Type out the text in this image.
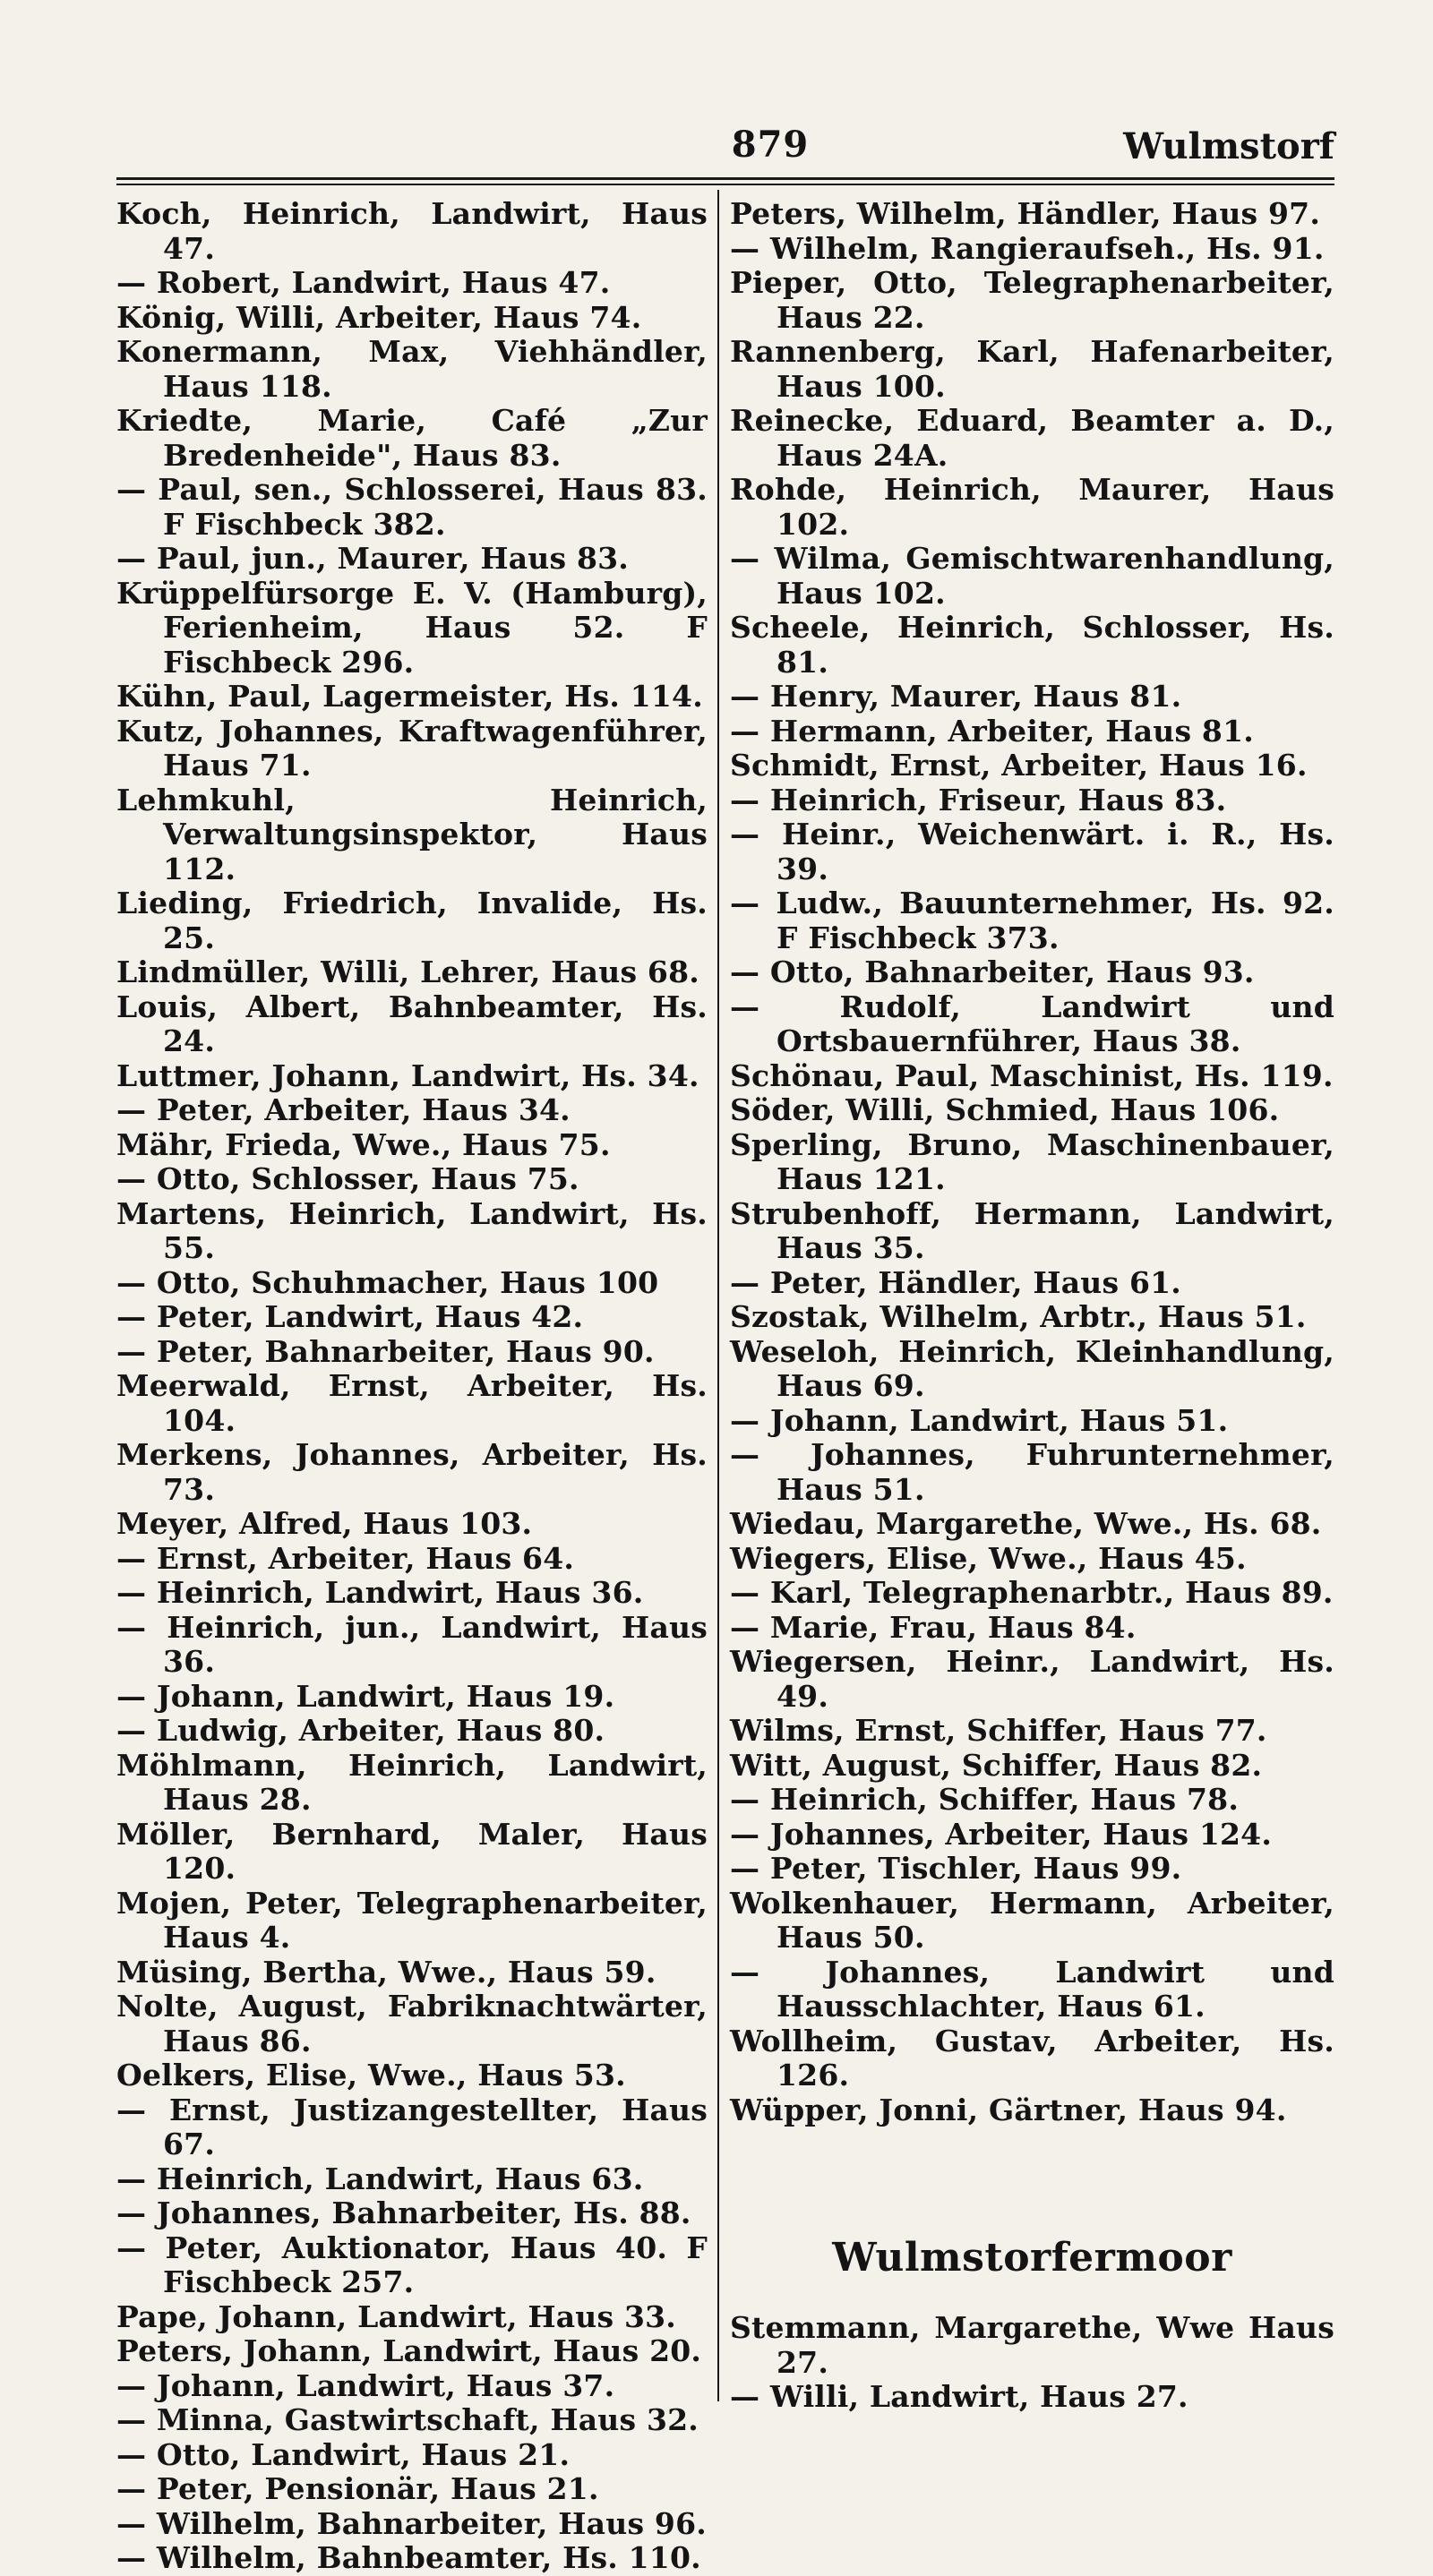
879	Wulmstorf
Koch, Heinrich, Landwirt, Haus 47.
— Robert, Landwirt, Haus 47.
König, Willi, Arbeiter, Haus 74.
Konermann, Max, Viehhändler, Haus 118.
Kriedte, Marie, Café „Zur Bredenheide", Haus 83.
— Paul, sen., Schlosserei, Haus 83. F Fischbeck 382.
— Paul, jun., Maurer, Haus 83.
Krüppelfürsorge E. V. (Hamburg), Ferienheim, Haus 52. F Fischbeck 296.
Kühn, Paul, Lagermeister, Hs. 114.
Kutz, Johannes, Kraftwagenführer, Haus 71.
Lehmkuhl, Heinrich, Verwaltungsinspektor, Haus 112.
Lieding, Friedrich, Invalide, Hs. 25.
Lindmüller, Willi, Lehrer, Haus 68.
Louis, Albert, Bahnbeamter, Hs. 24.
Luttmer, Johann, Landwirt, Hs. 34.
— Peter, Arbeiter, Haus 34.
Mähr, Frieda, Wwe., Haus 75.
— Otto, Schlosser, Haus 75.
Martens, Heinrich, Landwirt, Hs. 55.
— Otto, Schuhmacher, Haus 100
— Peter, Landwirt, Haus 42.
— Peter, Bahnarbeiter, Haus 90.
Meerwald, Ernst, Arbeiter, Hs. 104.
Merkens, Johannes, Arbeiter, Hs. 73.
Meyer, Alfred, Haus 103.
— Ernst, Arbeiter, Haus 64.
— Heinrich, Landwirt, Haus 36.
— Heinrich, jun., Landwirt, Haus 36.
— Johann, Landwirt, Haus 19.
— Ludwig, Arbeiter, Haus 80.
Möhlmann, Heinrich, Landwirt, Haus 28.
Möller, Bernhard, Maler, Haus 120.
Mojen, Peter, Telegraphenarbeiter, Haus 4.
Müsing, Bertha, Wwe., Haus 59.
Nolte, August, Fabriknachtwärter, Haus 86.
Oelkers, Elise, Wwe., Haus 53.
— Ernst, Justizangestellter, Haus 67.
— Heinrich, Landwirt, Haus 63.
— Johannes, Bahnarbeiter, Hs. 88.
— Peter, Auktionator, Haus 40. F Fischbeck 257.
Pape, Johann, Landwirt, Haus 33.
Peters, Johann, Landwirt, Haus 20.
— Johann, Landwirt, Haus 37.
— Minna, Gastwirtschaft, Haus 32.
— Otto, Landwirt, Haus 21.
— Peter, Pensionär, Haus 21.
— Wilhelm, Bahnarbeiter, Haus 96.
— Wilhelm, Bahnbeamter, Hs. 110.
Peters, Wilhelm, Händler, Haus 97.
— Wilhelm, Rangieraufseh., Hs. 91.
Pieper, Otto, Telegraphenarbeiter, Haus 22.
Rannenberg, Karl, Hafenarbeiter, Haus 100.
Reinecke, Eduard, Beamter a. D., Haus 24A.
Rohde, Heinrich, Maurer, Haus 102.
— Wilma, Gemischtwarenhandlung, Haus 102.
Scheele, Heinrich, Schlosser, Hs. 81.
— Henry, Maurer, Haus 81.
— Hermann, Arbeiter, Haus 81.
Schmidt, Ernst, Arbeiter, Haus 16.
— Heinrich, Friseur, Haus 83.
— Heinr., Weichenwärt. i. R., Hs. 39.
— Ludw., Bauunternehmer, Hs. 92. F Fischbeck 373.
— Otto, Bahnarbeiter, Haus 93.
— Rudolf, Landwirt und Ortsbauernführer, Haus 38.
Schönau, Paul, Maschinist, Hs. 119.
Söder, Willi, Schmied, Haus 106.
Sperling, Bruno, Maschinenbauer, Haus 121.
Strubenhoff, Hermann, Landwirt, Haus 35.
— Peter, Händler, Haus 61.
Szostak, Wilhelm, Arbtr., Haus 51.
Weseloh, Heinrich, Kleinhandlung, Haus 69.
— Johann, Landwirt, Haus 51.
— Johannes, Fuhrunternehmer, Haus 51.
Wiedau, Margarethe, Wwe., Hs. 68.
Wiegers, Elise, Wwe., Haus 45.
— Karl, Telegraphenarbtr., Haus 89.
— Marie, Frau, Haus 84.
Wiegersen, Heinr., Landwirt, Hs. 49.
Wilms, Ernst, Schiffer, Haus 77.
Witt, August, Schiffer, Haus 82.
— Heinrich, Schiffer, Haus 78.
— Johannes, Arbeiter, Haus 124.
— Peter, Tischler, Haus 99.
Wolkenhauer, Hermann, Arbeiter, Haus 50.
— Johannes, Landwirt und Hausschlachter, Haus 61.
Wollheim, Gustav, Arbeiter, Hs. 126.
Wüpper, Jonni, Gärtner, Haus 94.
Wulmstorfermoor
Stemmann, Margarethe, Wwe Haus 27.
— Willi, Landwirt, Haus 27.
